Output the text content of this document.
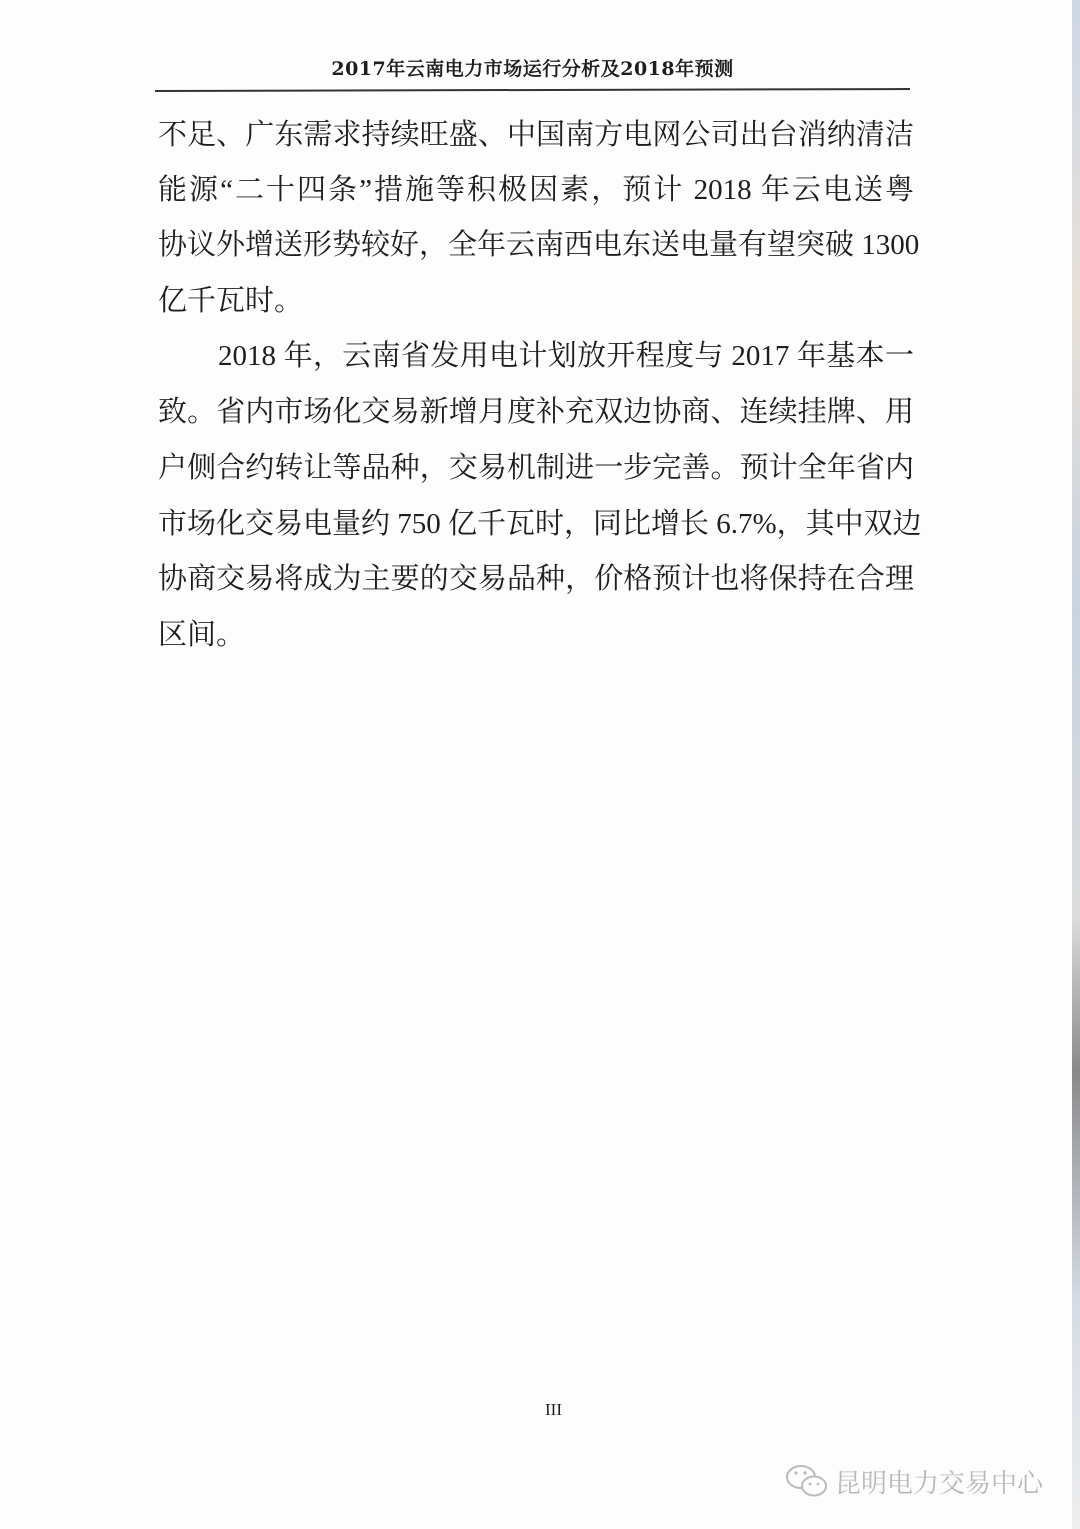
2017年云南电力市场运行分析及2018年预测
不足、广东需求持续旺盛、中国南方电网公司出台消纳清洁
能源“二十四条”措施等积极因素，预计 2018 年云电送粤
协议外增送形势较好，全年云南西电东送电量有望突破 1300
亿千瓦时。
2018 年，云南省发用电计划放开程度与 2017 年基本一
致。省内市场化交易新增月度补充双边协商、连续挂牌、用
户侧合约转让等品种，交易机制进一步完善。预计全年省内
市场化交易电量约 750 亿千瓦时，同比增长 6.7%，其中双边
协商交易将成为主要的交易品种，价格预计也将保持在合理
区间。
III
昆明电力交易中心
